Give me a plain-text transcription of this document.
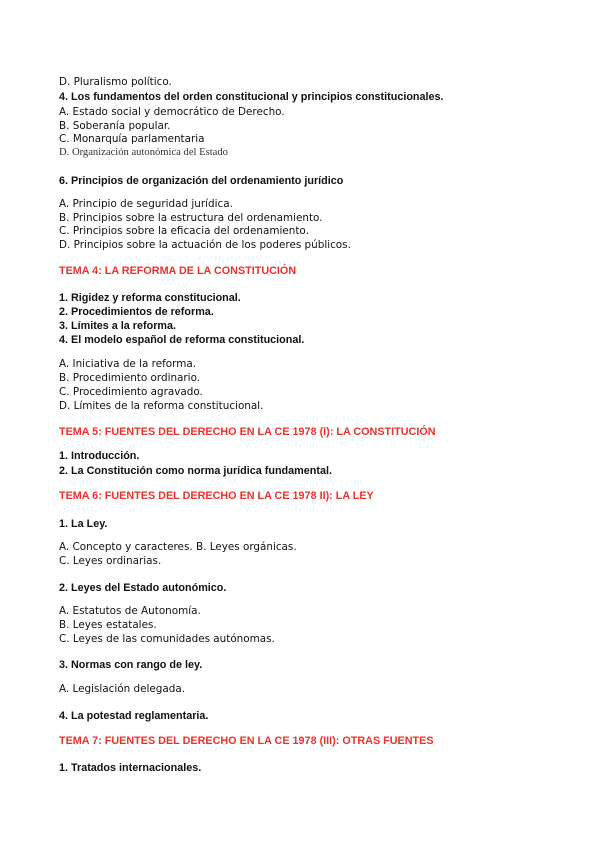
D. Pluralismo político.
4. Los fundamentos del orden constitucional y principios constitucionales.
A. Estado social y democrático de Derecho.
B. Soberanía popular.
C. Monarquía parlamentaria
D. Organización autonómica del Estado
6. Principios de organización del ordenamiento jurídico
A. Principio de seguridad jurídica.
B. Principios sobre la estructura del ordenamiento.
C. Principios sobre la eficacia del ordenamiento.
D. Principios sobre la actuación de los poderes públicos.
TEMA 4: LA REFORMA DE LA CONSTITUCIÓN
1. Rigidez y reforma constitucional.
2. Procedimientos de reforma.
3. Límites a la reforma.
4. El modelo español de reforma constitucional.
A. Iniciativa de la reforma.
B. Procedimiento ordinario.
C. Procedimiento agravado.
D. Límites de la reforma constitucional.
TEMA 5: FUENTES DEL DERECHO EN LA CE 1978 (I): LA CONSTITUCIÓN
1. Introducción.
2. La Constitución como norma jurídica fundamental.
TEMA 6: FUENTES DEL DERECHO EN LA CE 1978 II): LA LEY
1. La Ley.
A. Concepto y caracteres. B. Leyes orgánicas.
C. Leyes ordinarias.
2. Leyes del Estado autonómico.
A. Estatutos de Autonomía.
B. Leyes estatales.
C. Leyes de las comunidades autónomas.
3. Normas con rango de ley.
A. Legislación delegada.
4. La potestad reglamentaria.
TEMA 7: FUENTES DEL DERECHO EN LA CE 1978 (III): OTRAS FUENTES
1. Tratados internacionales.
